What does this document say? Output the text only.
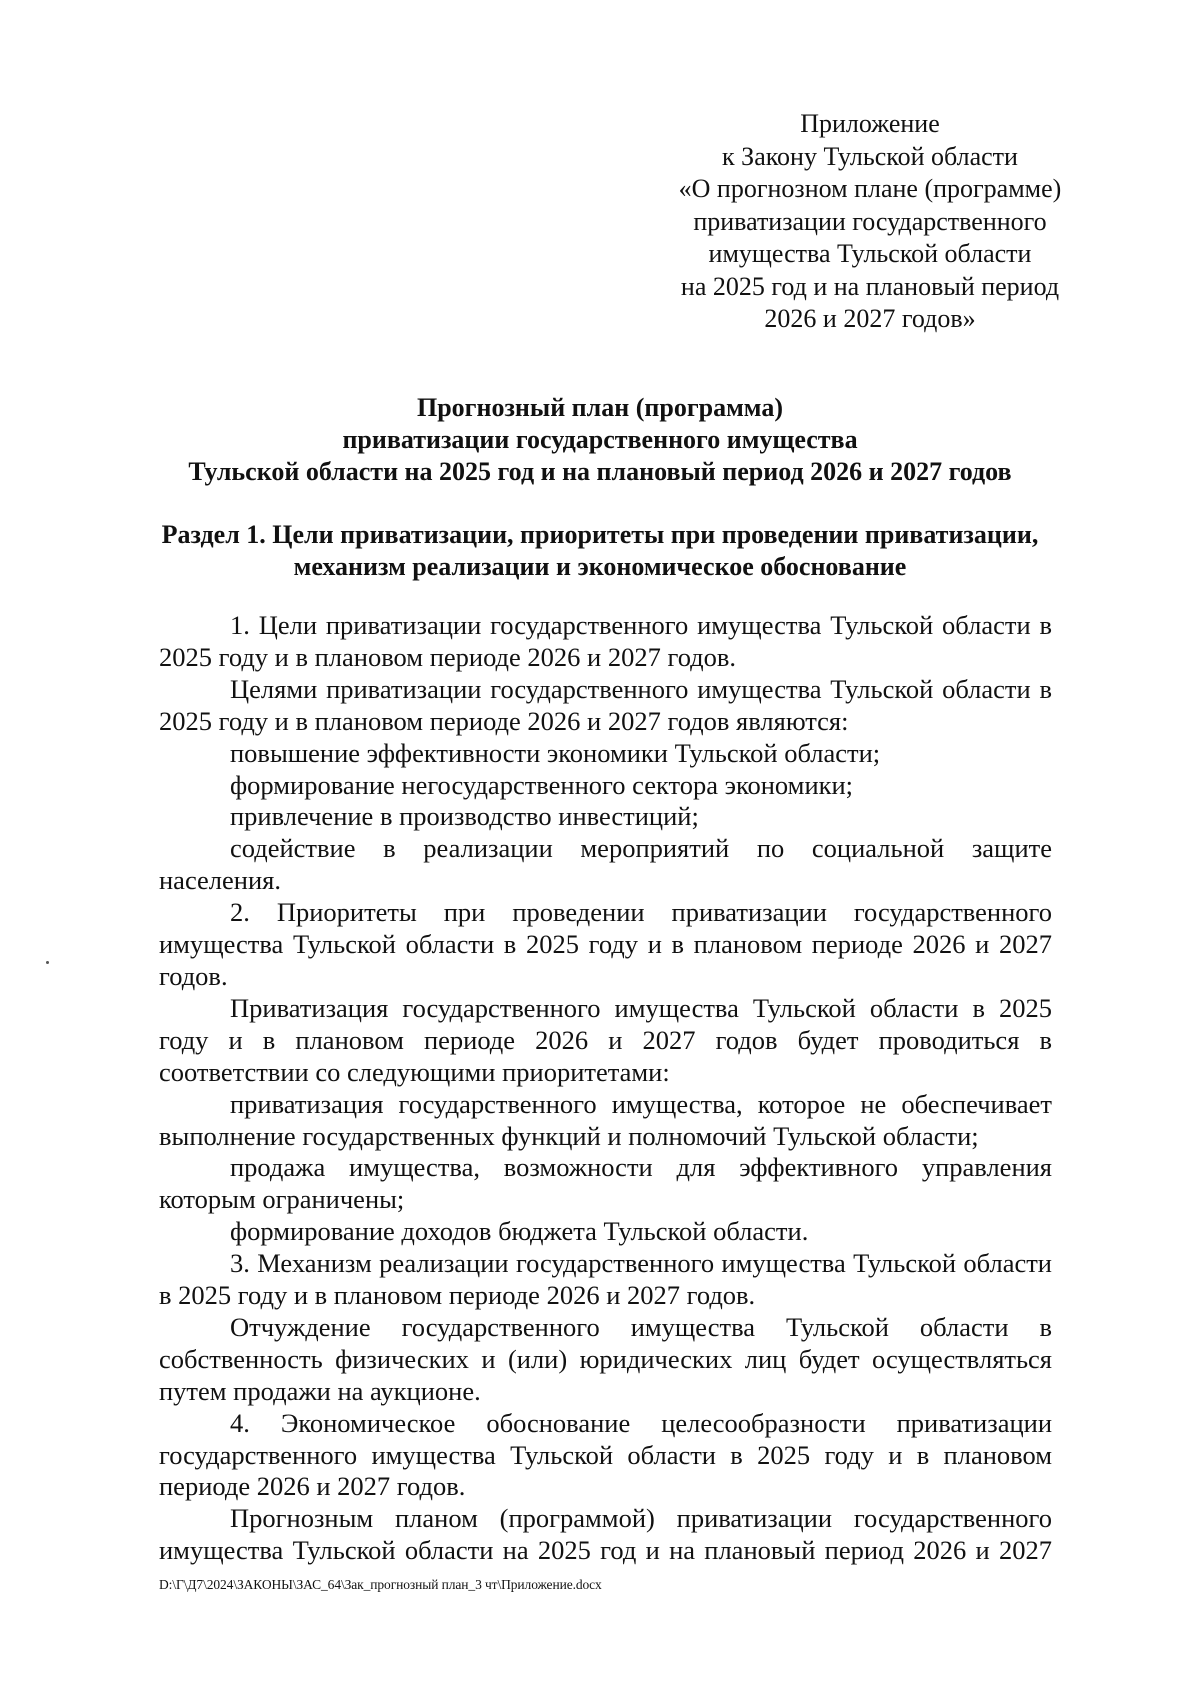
Приложение
к Закону Тульской области
«О прогнозном плане (программе)
приватизации государственного
имущества Тульской области
на 2025 год и на плановый период
2026 и 2027 годов»
Прогнозный план (программа)
приватизации государственного имущества
Тульской области на 2025 год и на плановый период 2026 и 2027 годов
Раздел 1. Цели приватизации, приоритеты при проведении приватизации,
механизм реализации и экономическое обоснование

1. Цели приватизации государственного имущества Тульской области в 2025 году и в плановом периоде 2026 и 2027 годов.

Целями приватизации государственного имущества Тульской области в 2025 году и в плановом периоде 2026 и 2027 годов являются:

повышение эффективности экономики Тульской области;

формирование негосударственного сектора экономики;

привлечение в производство инвестиций;

содействие в реализации мероприятий по социальной защите населения.

2. Приоритеты при проведении приватизации государственного имущества Тульской области в 2025 году и в плановом периоде 2026 и 2027 годов.

Приватизация государственного имущества Тульской области в 2025 году и в плановом периоде 2026 и 2027 годов будет проводиться в соответствии со следующими приоритетами:

приватизация государственного имущества, которое не обеспечивает выполнение государственных функций и полномочий Тульской области;

продажа имущества, возможности для эффективного управления которым ограничены;

формирование доходов бюджета Тульской области.

3. Механизм реализации государственного имущества Тульской области в 2025 году и в плановом периоде 2026 и 2027 годов.

Отчуждение государственного имущества Тульской области в собственность физических и (или) юридических лиц будет осуществляться путем продажи на аукционе.

4. Экономическое обоснование целесообразности приватизации государственного имущества Тульской области в 2025 году и в плановом периоде 2026 и 2027 годов.

Прогнозным планом (программой) приватизации государственного имущества Тульской области на 2025 год и на плановый период 2026 и 2027

D:\Г\Д7\2024\ЗАКОНЫ\ЗАС_64\Зак_прогнозный план_3 чт\Приложение.docx
